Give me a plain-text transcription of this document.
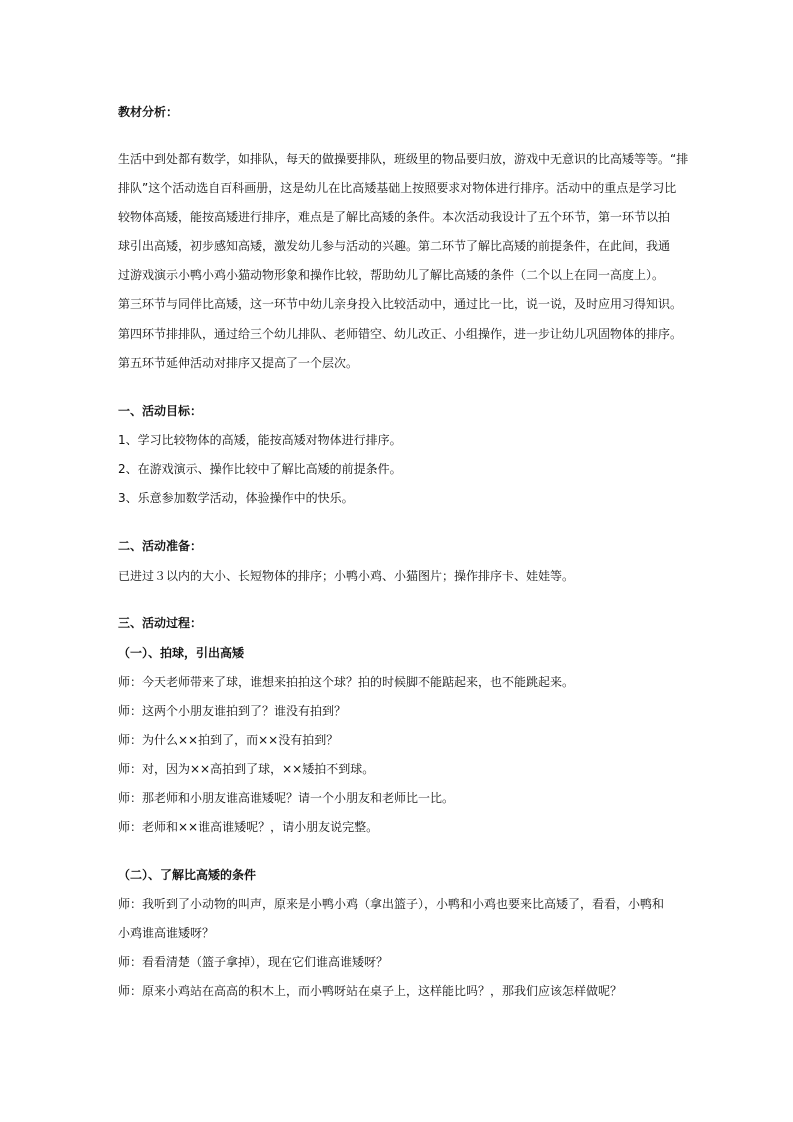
教材分析：
生活中到处都有数学，如排队，每天的做操要排队，班级里的物品要归放，游戏中无意识的比高矮等等。“排
排队”这个活动选自百科画册，这是幼儿在比高矮基础上按照要求对物体进行排序。活动中的重点是学习比
较物体高矮，能按高矮进行排序，难点是了解比高矮的条件。本次活动我设计了五个环节，第一环节以拍
球引出高矮，初步感知高矮，激发幼儿参与活动的兴趣。第二环节了解比高矮的前提条件，在此间，我通
过游戏演示小鸭小鸡小猫动物形象和操作比较，帮助幼儿了解比高矮的条件（二个以上在同一高度上）。
第三环节与同伴比高矮，这一环节中幼儿亲身投入比较活动中，通过比一比，说一说，及时应用习得知识。
第四环节排排队，通过给三个幼儿排队、老师错空、幼儿改正、小组操作，进一步让幼儿巩固物体的排序。
第五环节延伸活动对排序又提高了一个层次。
一、活动目标：
1、学习比较物体的高矮，能按高矮对物体进行排序。
2、在游戏演示、操作比较中了解比高矮的前提条件。
3、乐意参加数学活动，体验操作中的快乐。
二、活动准备：
已进过３以内的大小、长短物体的排序；小鸭小鸡、小猫图片；操作排序卡、娃娃等。
三、活动过程：
（一）、拍球，引出高矮
师：今天老师带来了球，谁想来拍拍这个球？拍的时候脚不能踮起来，也不能跳起来。
师：这两个小朋友谁拍到了？谁没有拍到？
师：为什么××拍到了，而××没有拍到？
师：对，因为××高拍到了球，××矮拍不到球。
师：那老师和小朋友谁高谁矮呢？请一个小朋友和老师比一比。
师：老师和××谁高谁矮呢？，请小朋友说完整。
（二）、了解比高矮的条件
师：我听到了小动物的叫声，原来是小鸭小鸡（拿出篮子），小鸭和小鸡也要来比高矮了，看看，小鸭和
小鸡谁高谁矮呀？
师：看看清楚（篮子拿掉），现在它们谁高谁矮呀？
师：原来小鸡站在高高的积木上，而小鸭呀站在桌子上，这样能比吗？，那我们应该怎样做呢？
